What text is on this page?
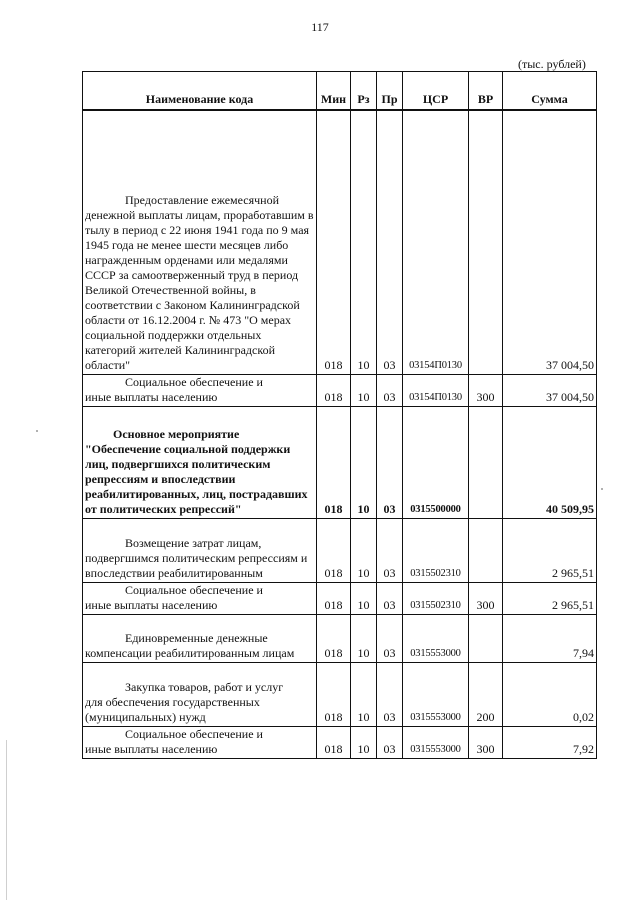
117
(тыс. рублей)
Наименование кода	Мин	Рз	Пр	ЦСР	ВР	Сумма

Предоставление ежемесячной
денежной выплаты лицам, проработавшим в тылу в период с 22 июня 1941 года по 9 мая 1945 года не менее шести месяцев либо награжденным орденами или медалями СССР за самоотверженный труд в период Великой Отечественной войны, в соответствии с Законом Калининградской области от 16.12.2004 г. № 473 "О мерах социальной поддержки отдельных категорий жителей Калининградской области"	018	10	03	03154П0130		37 004,50

Социальное обеспечение и
иные выплаты населению	018	10	03	03154П0130	300	37 004,50

Основное мероприятие
"Обеспечение социальной поддержки лиц, подвергшихся политическим репрессиям и впоследствии реабилитированных, лиц, пострадавших от политических репрессий"	018	10	03	0315500000		40 509,95

Возмещение затрат лицам,
подвергшимся политическим репрессиям и впоследствии реабилитированным	018	10	03	0315502310		2 965,51

Социальное обеспечение и
иные выплаты населению	018	10	03	0315502310	300	2 965,51

Единовременные денежные
компенсации реабилитированным лицам	018	10	03	0315553000		7,94

Закупка товаров, работ и услуг
для обеспечения государственных (муниципальных) нужд	018	10	03	0315553000	200	0,02

Социальное обеспечение и
иные выплаты населению	018	10	03	0315553000	300	7,92
